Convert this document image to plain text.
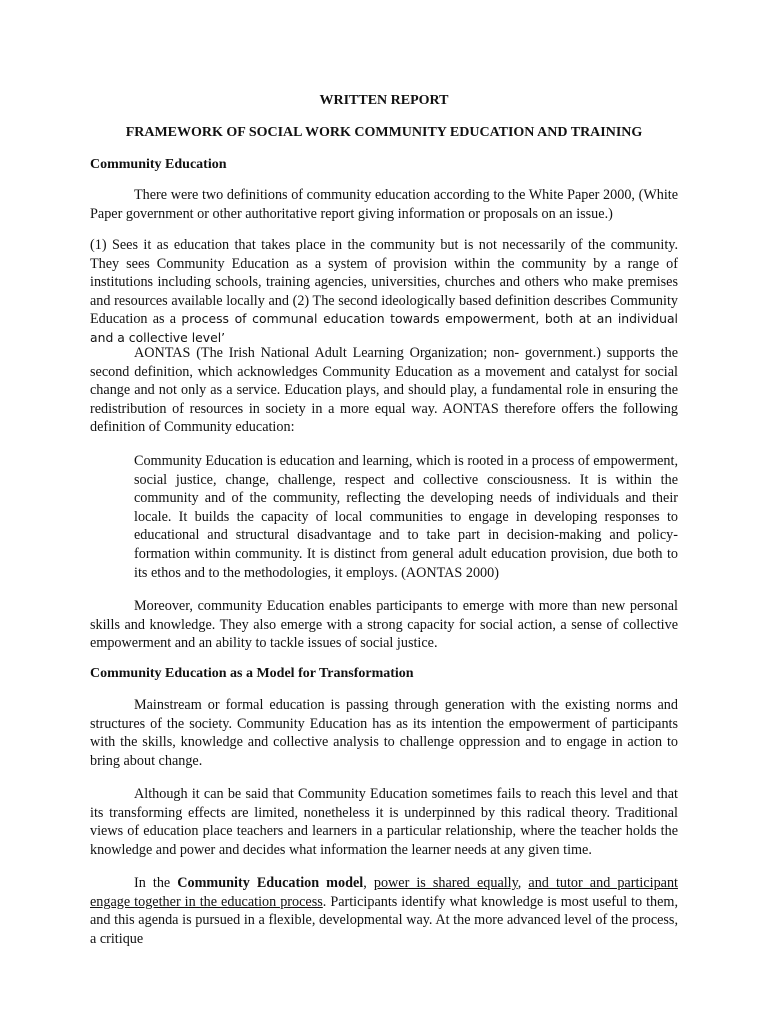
WRITTEN REPORT
FRAMEWORK OF SOCIAL WORK COMMUNITY EDUCATION AND TRAINING
Community Education

There were two definitions of community education according to the White Paper 2000, (White Paper government or other authoritative report giving information or proposals on an issue.)

(1) Sees it as education that takes place in the community but is not necessarily of the community. They sees Community Education as a system of provision within the community by a range of institutions including schools, training agencies, universities, churches and others who make premises and resources available locally and (2) The second ideologically based definition describes Community Education as a process of communal education towards empowerment, both at an individual and a collective level’

AONTAS (The Irish National Adult Learning Organization; non- government.) supports the second definition, which acknowledges Community Education as a movement and catalyst for social change and not only as a service. Education plays, and should play, a fundamental role in ensuring the redistribution of resources in society in a more equal way. AONTAS therefore offers the following definition of Community education:

Community Education is education and learning, which is rooted in a process of empowerment, social justice, change, challenge, respect and collective consciousness. It is within the community and of the community, reflecting the developing needs of individuals and their locale. It builds the capacity of local communities to engage in developing responses to educational and structural disadvantage and to take part in decision-making and policy-formation within community. It is distinct from general adult education provision, due both to its ethos and to the methodologies, it employs. (AONTAS 2000)

Moreover, community Education enables participants to emerge with more than new personal skills and knowledge. They also emerge with a strong capacity for social action, a sense of collective empowerment and an ability to tackle issues of social justice.

Community Education as a Model for Transformation

Mainstream or formal education is passing through generation with the existing norms and structures of the society. Community Education has as its intention the empowerment of participants with the skills, knowledge and collective analysis to challenge oppression and to engage in action to bring about change.

Although it can be said that Community Education sometimes fails to reach this level and that its transforming effects are limited, nonetheless it is underpinned by this radical theory. Traditional views of education place teachers and learners in a particular relationship, where the teacher holds the knowledge and power and decides what information the learner needs at any given time.

In the Community Education model, power is shared equally, and tutor and participant engage together in the education process. Participants identify what knowledge is most useful to them, and this agenda is pursued in a flexible, developmental way. At the more advanced level of the process, a critique
